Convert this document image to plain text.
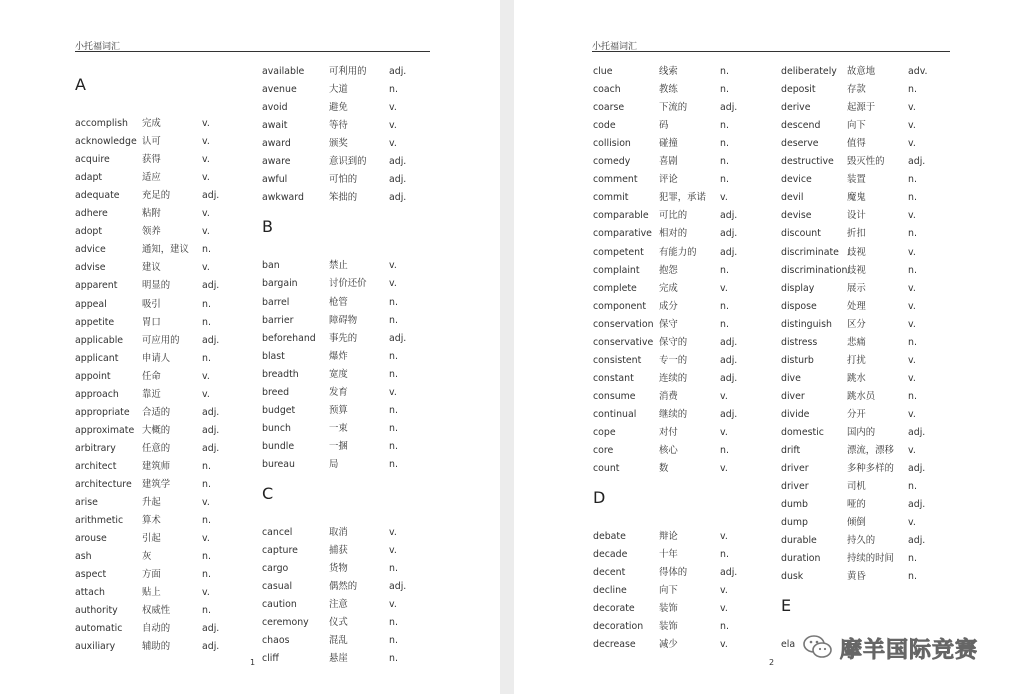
小托福词汇
A
accomplish 完成	v.
acknowledge 认可	v.
acquire	获得	v.
adapt	适应	v.
adequate 充足的	adj.
adhere	粘附	v.
adopt	领养	v.
advice	通知，建议 n.
advise	建议	v.
apparent	明显的	adj.
appeal	吸引	n.
appetite	胃口	n.
applicable 可应用的 adj.
applicant	申请人	n.
appoint	任命	v.
approach 靠近	v.
appropriate 合适的	adj.
approximate 大概的	adj.
arbitrary	任意的	adj.
architect	建筑师	n.
architecture 建筑学	n.
arise	升起	v.
arithmetic 算术	n.
arouse	引起	v.
ash	灰	n.
aspect	方面	n.
attach	贴上	v.
authority	权威性	n.
automatic 自动的	adj.
auxiliary	辅助的	adj.
available	可利用的 adj.
avenue	大道	n.
avoid	避免	v.
await	等待	v.
award	颁奖	v.
aware	意识到的 adj.
awful	可怕的	adj.
awkward	笨拙的	adj.
B
ban	禁止	v.
bargain	讨价还价 v.
barrel	枪管	n.
barrier	障碍物	n.
beforehand 事先的	adj.
blast	爆炸	n.
breadth	宽度	n.
breed	发育	v.
budget	预算	n.
bunch	一束	n.
bundle	一捆	n.
bureau	局	n.
C
cancel	取消	v.
capture	捕获	v.
cargo	货物	n.
casual	偶然的	adj.
caution	注意	v.
ceremony 仪式	n.
chaos	混乱	n.
cliff	悬崖	n.
1
小托福词汇
clue	线索	n.
coach	教练	n.
coarse	下流的	adj.
code	码	n.
collision	碰撞	n.
comedy	喜剧	n.
comment 评论	n.
commit	犯罪，承诺 v.
comparable 可比的	adj.
comparative 相对的	adj.
competent 有能力的 adj.
complaint 抱怨	n.
complete 完成	v.
component 成分	n.
conservation 保守	n.
conservative 保守的	adj.
consistent 专一的	adj.
constant	连续的	adj.
consume 消费	v.
continual 继续的	adj.
cope	对付	v.
core	核心	n.
count	数	v.
D
debate	辩论	v.
decade	十年	n.
decent	得体的	adj.
decline	向下	v.
decorate	装饰	v.
decoration 装饰	n.
decrease 减少	v.
deliberately 故意地	adv.
deposit	存款	n.
derive	起源于	v.
descend	向下	v.
deserve	值得	v.
destructive 毁灭性的 adj.
device	装置	n.
devil	魔鬼	n.
devise	设计	v.
discount	折扣	n.
discriminate 歧视	v.
discrimination 歧视	n.
display	展示	v.
dispose	处理	v.
distinguish 区分	v.
distress	悲痛	n.
disturb	打扰	v.
dive	跳水	v.
diver	跳水员	n.
divide	分开	v.
domestic 国内的	adj.
drift	漂流，漂移 v.
driver	多种多样的 adj.
driver	司机	n.
dumb	哑的	adj.
dump	倾倒	v.
durable	持久的	adj.
duration	持续的时间 n.
dusk	黄昏	n.
E
ela
2	摩羊国际竞赛
